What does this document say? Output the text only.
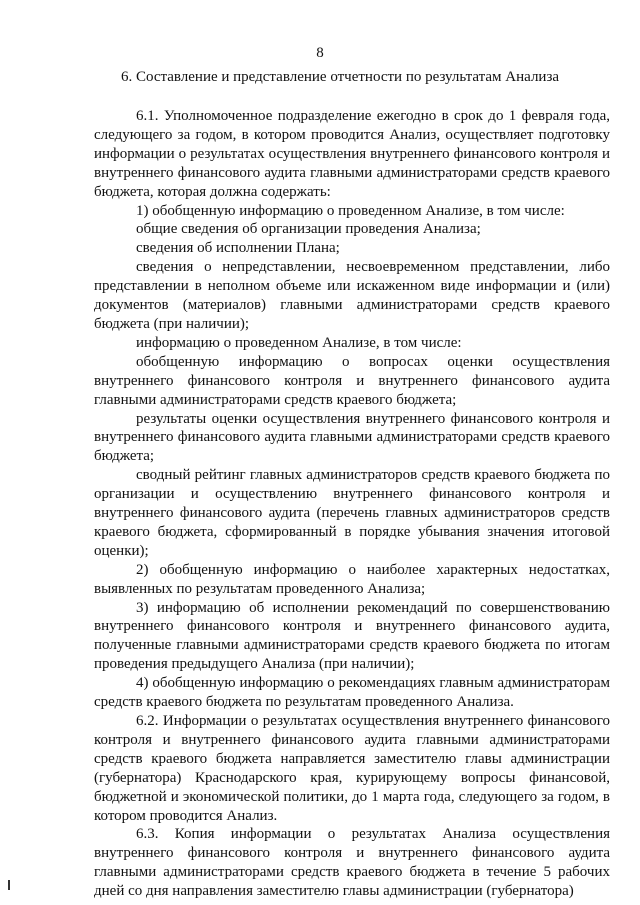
8
6. Составление и представление отчетности по результатам Анализа

6.1. Уполномоченное подразделение ежегодно в срок до 1 февраля года, следующего за годом, в котором проводится Анализ, осуществляет подготовку информации о результатах осуществления внутреннего финансового контроля и внутреннего финансового аудита главными администраторами средств краевого бюджета, которая должна содержать:

1) обобщенную информацию о проведенном Анализе, в том числе:

общие сведения об организации проведения Анализа;

сведения об исполнении Плана;

сведения о непредставлении, несвоевременном представлении, либо представлении в неполном объеме или искаженном виде информации и (или) документов (материалов) главными администраторами средств краевого бюджета (при наличии);

информацию о проведенном Анализе, в том числе:

обобщенную информацию о вопросах оценки осуществления внутреннего финансового контроля и внутреннего финансового аудита главными администраторами средств краевого бюджета;

результаты оценки осуществления внутреннего финансового контроля и внутреннего финансового аудита главными администраторами средств краевого бюджета;

сводный рейтинг главных администраторов средств краевого бюджета по организации и осуществлению внутреннего финансового контроля и внутреннего финансового аудита (перечень главных администраторов средств краевого бюджета, сформированный в порядке убывания значения итоговой оценки);

2) обобщенную информацию о наиболее характерных недостатках, выявленных по результатам проведенного Анализа;

3) информацию об исполнении рекомендаций по совершенствованию внутреннего финансового контроля и внутреннего финансового аудита, полученные главными администраторами средств краевого бюджета по итогам проведения предыдущего Анализа (при наличии);

4) обобщенную информацию о рекомендациях главным администраторам средств краевого бюджета по результатам проведенного Анализа.

6.2. Информации о результатах осуществления внутреннего финансового контроля и внутреннего финансового аудита главными администраторами средств краевого бюджета направляется заместителю главы администрации (губернатора) Краснодарского края, курирующему вопросы финансовой, бюджетной и экономической политики, до 1 марта года, следующего за годом, в котором проводится Анализ.

6.3. Копия информации о результатах Анализа осуществления внутреннего финансового контроля и внутреннего финансового аудита главными администраторами средств краевого бюджета в течение 5 рабочих дней со дня направления заместителю главы администрации (губернатора)
